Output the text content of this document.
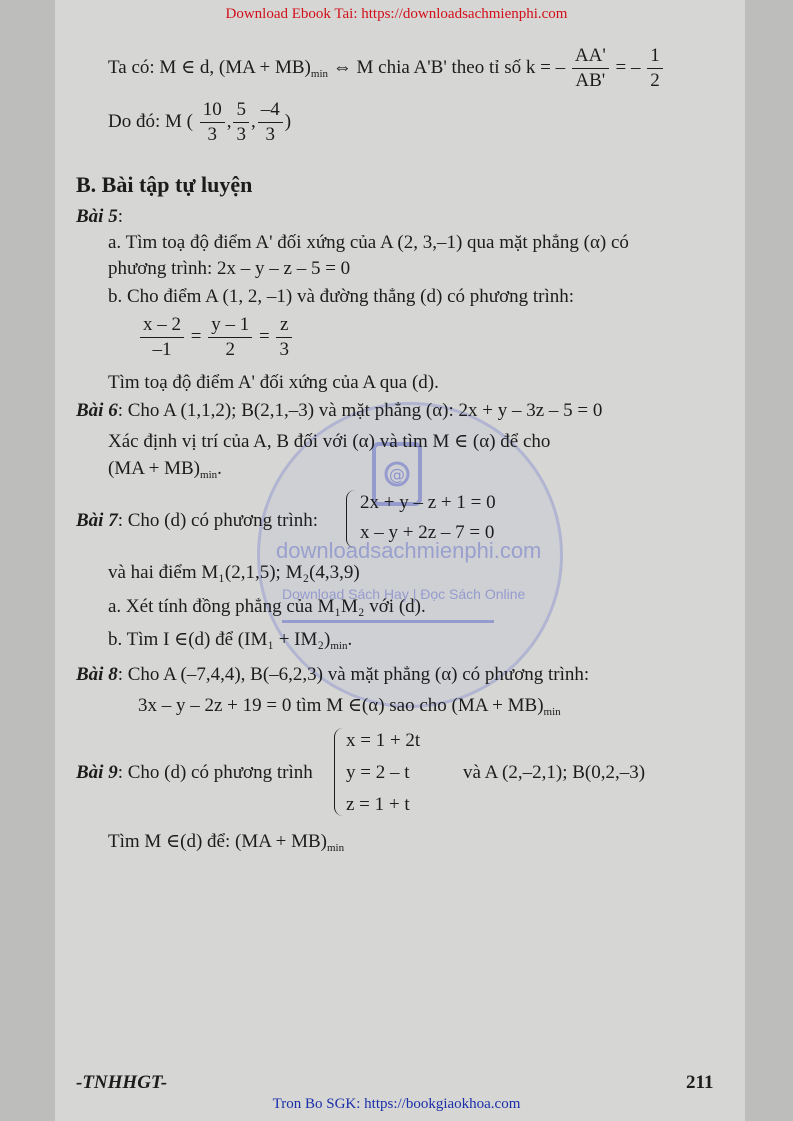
Download Ebook Tai: https://downloadsachmienphi.com
@
downloadsachmienphi.com
Download Sách Hay | Đọc Sách Online
Ta có: M ∈ d, $(MA + MB)_{min}$ ⇔ M chia A'B' theo tỉ số k = – $\frac{AA'}{AB'}$ = – $\frac{1}{2}$
Do đó: M ( $\frac{10}{3}$ , $\frac{5}{3}$ , $\frac{-4}{3}$ )
B. Bài tập tự luyện
Bài 5:
a. Tìm toạ độ điểm A' đối xứng của A (2, 3,–1) qua mặt phẳng (α) có
phương trình: 2x – y – z – 5 = 0
b. Cho điểm A (1, 2, –1) và đường thẳng (d) có phương trình:
$\frac{x - 2}{-1} = \frac{y - 1}{2} = \frac{z}{3}$
Tìm toạ độ điểm A' đối xứng của A qua (d).
Bài 6: Cho A (1,1,2); B(2,1,–3) và mặt phẳng (α): 2x + y – 3z – 5 = 0
Xác định vị trí của A, B đối với (α) và tìm M ∈ (α) để cho
$(MA + MB)_{min}$.
Bài 7: Cho (d) có phương trình:
2x + y – z + 1 = 0
x – y + 2z – 7 = 0
và hai điểm M₁(2,1,5); M₂(4,3,9)
a. Xét tính đồng phẳng của M₁M₂ với (d).
b. Tìm I ∈(d) để $(IM_1 + IM_2)_{min}$.
Bài 8: Cho A (–7,4,4), B(–6,2,3) và mặt phẳng (α) có phương trình:
3x – y – 2z + 19 = 0 tìm M ∈(α) sao cho $(MA + MB)_{min}$
x = 1 + 2t
y = 2 – t
z = 1 + t
Bài 9: Cho (d) có phương trình	và A (2,–2,1); B(0,2,–3)
Tìm M ∈(d) để: $(MA + MB)_{min}$
-TNHHGT-	211
Tron Bo SGK: https://bookgiaokhoa.com
